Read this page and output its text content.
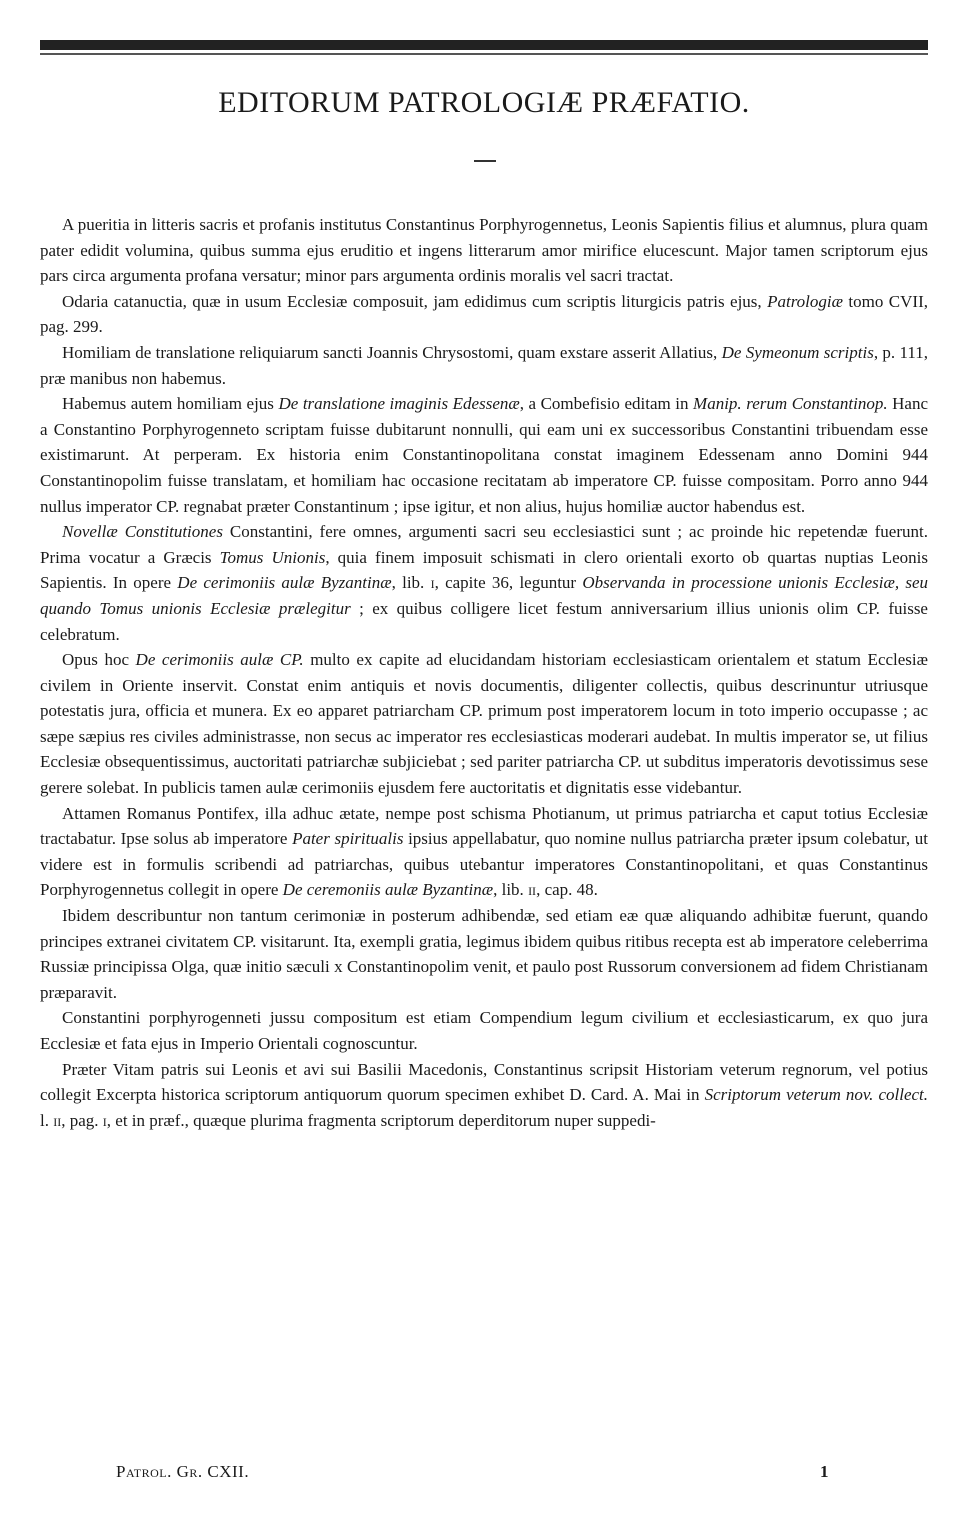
EDITORUM PATROLOGIÆ PRÆFATIO.

A pueritia in litteris sacris et profanis institutus Constantinus Porphyrogennetus, Leonis Sapientis filius et alumnus, plura quam pater edidit volumina, quibus summa ejus eruditio et ingens litterarum amor mirifice elucescunt. Major tamen scriptorum ejus pars circa argumenta profana versatur; minor pars argumenta ordinis moralis vel sacri tractat.

Odaria catanuctia, quæ in usum Ecclesiæ composuit, jam edidimus cum scriptis liturgicis patris ejus, Patrologiæ tomo CVII, pag. 299.

Homiliam de translatione reliquiarum sancti Joannis Chrysostomi, quam exstare asserit Allatius, De Symeonum scriptis, p. 111, præ manibus non habemus.

Habemus autem homiliam ejus De translatione imaginis Edessenæ, a Combefisio editam in Manip. rerum Constantinop. Hanc a Constantino Porphyrogenneto scriptam fuisse dubitarunt nonnulli, qui eam uni ex successoribus Constantini tribuendam esse existimarunt. At perperam. Ex historia enim Constantinopolitana constat imaginem Edessenam anno Domini 944 Constantinopolim fuisse translatam, et homiliam hac occasione recitatam ab imperatore CP. fuisse compositam. Porro anno 944 nullus imperator CP. regnabat præter Constantinum ; ipse igitur, et non alius, hujus homiliæ auctor habendus est.

Novellæ Constitutiones Constantini, fere omnes, argumenti sacri seu ecclesiastici sunt ; ac proinde hic repetendæ fuerunt. Prima vocatur a Græcis Tomus Unionis, quia finem imposuit schismati in clero orientali exorto ob quartas nuptias Leonis Sapientis. In opere De cerimoniis aulæ Byzantinæ, lib. i, capite 36, leguntur Observanda in processione unionis Ecclesiæ, seu quando Tomus unionis Ecclesiæ prælegitur ; ex quibus colligere licet festum anniversarium illius unionis olim CP. fuisse celebratum.

Opus hoc De cerimoniis aulæ CP. multo ex capite ad elucidandam historiam ecclesiasticam orientalem et statum Ecclesiæ civilem in Oriente inservit. Constat enim antiquis et novis documentis, diligenter collectis, quibus descrinuntur utriusque potestatis jura, officia et munera. Ex eo apparet patriarcham CP. primum post imperatorem locum in toto imperio occupasse ; ac sæpe sæpius res civiles administrasse, non secus ac imperator res ecclesiasticas moderari audebat. In multis imperator se, ut filius Ecclesiæ obsequentissimus, auctoritati patriarchæ subjiciebat ; sed pariter patriarcha CP. ut subditus imperatoris devotissimus sese gerere solebat. In publicis tamen aulæ cerimoniis ejusdem fere auctoritatis et dignitatis esse videbantur.

Attamen Romanus Pontifex, illa adhuc ætate, nempe post schisma Photianum, ut primus patriarcha et caput totius Ecclesiæ tractabatur. Ipse solus ab imperatore Pater spiritualis ipsius appellabatur, quo nomine nullus patriarcha præter ipsum colebatur, ut videre est in formulis scribendi ad patriarchas, quibus utebantur imperatores Constantinopolitani, et quas Constantinus Porphyrogennetus collegit in opere De ceremoniis aulæ Byzantinæ, lib. ii, cap. 48.

Ibidem describuntur non tantum cerimoniæ in posterum adhibendæ, sed etiam eæ quæ aliquando adhibitæ fuerunt, quando principes extranei civitatem CP. visitarunt. Ita, exempli gratia, legimus ibidem quibus ritibus recepta est ab imperatore celeberrima Russiæ principissa Olga, quæ initio sæculi x Constantinopolim venit, et paulo post Russorum conversionem ad fidem Christianam præparavit.

Constantini porphyrogenneti jussu compositum est etiam Compendium legum civilium et ecclesiasticarum, ex quo jura Ecclesiæ et fata ejus in Imperio Orientali cognoscuntur.

Præter Vitam patris sui Leonis et avi sui Basilii Macedonis, Constantinus scripsit Historiam veterum regnorum, vel potius collegit Excerpta historica scriptorum antiquorum quorum specimen exhibet D. Card. A. Mai in Scriptorum veterum nov. collect. l. ii, pag. i, et in præf., quæque plurima fragmenta scriptorum deperditorum nuper suppedi-

Patrol. Gr. CXII.	1
